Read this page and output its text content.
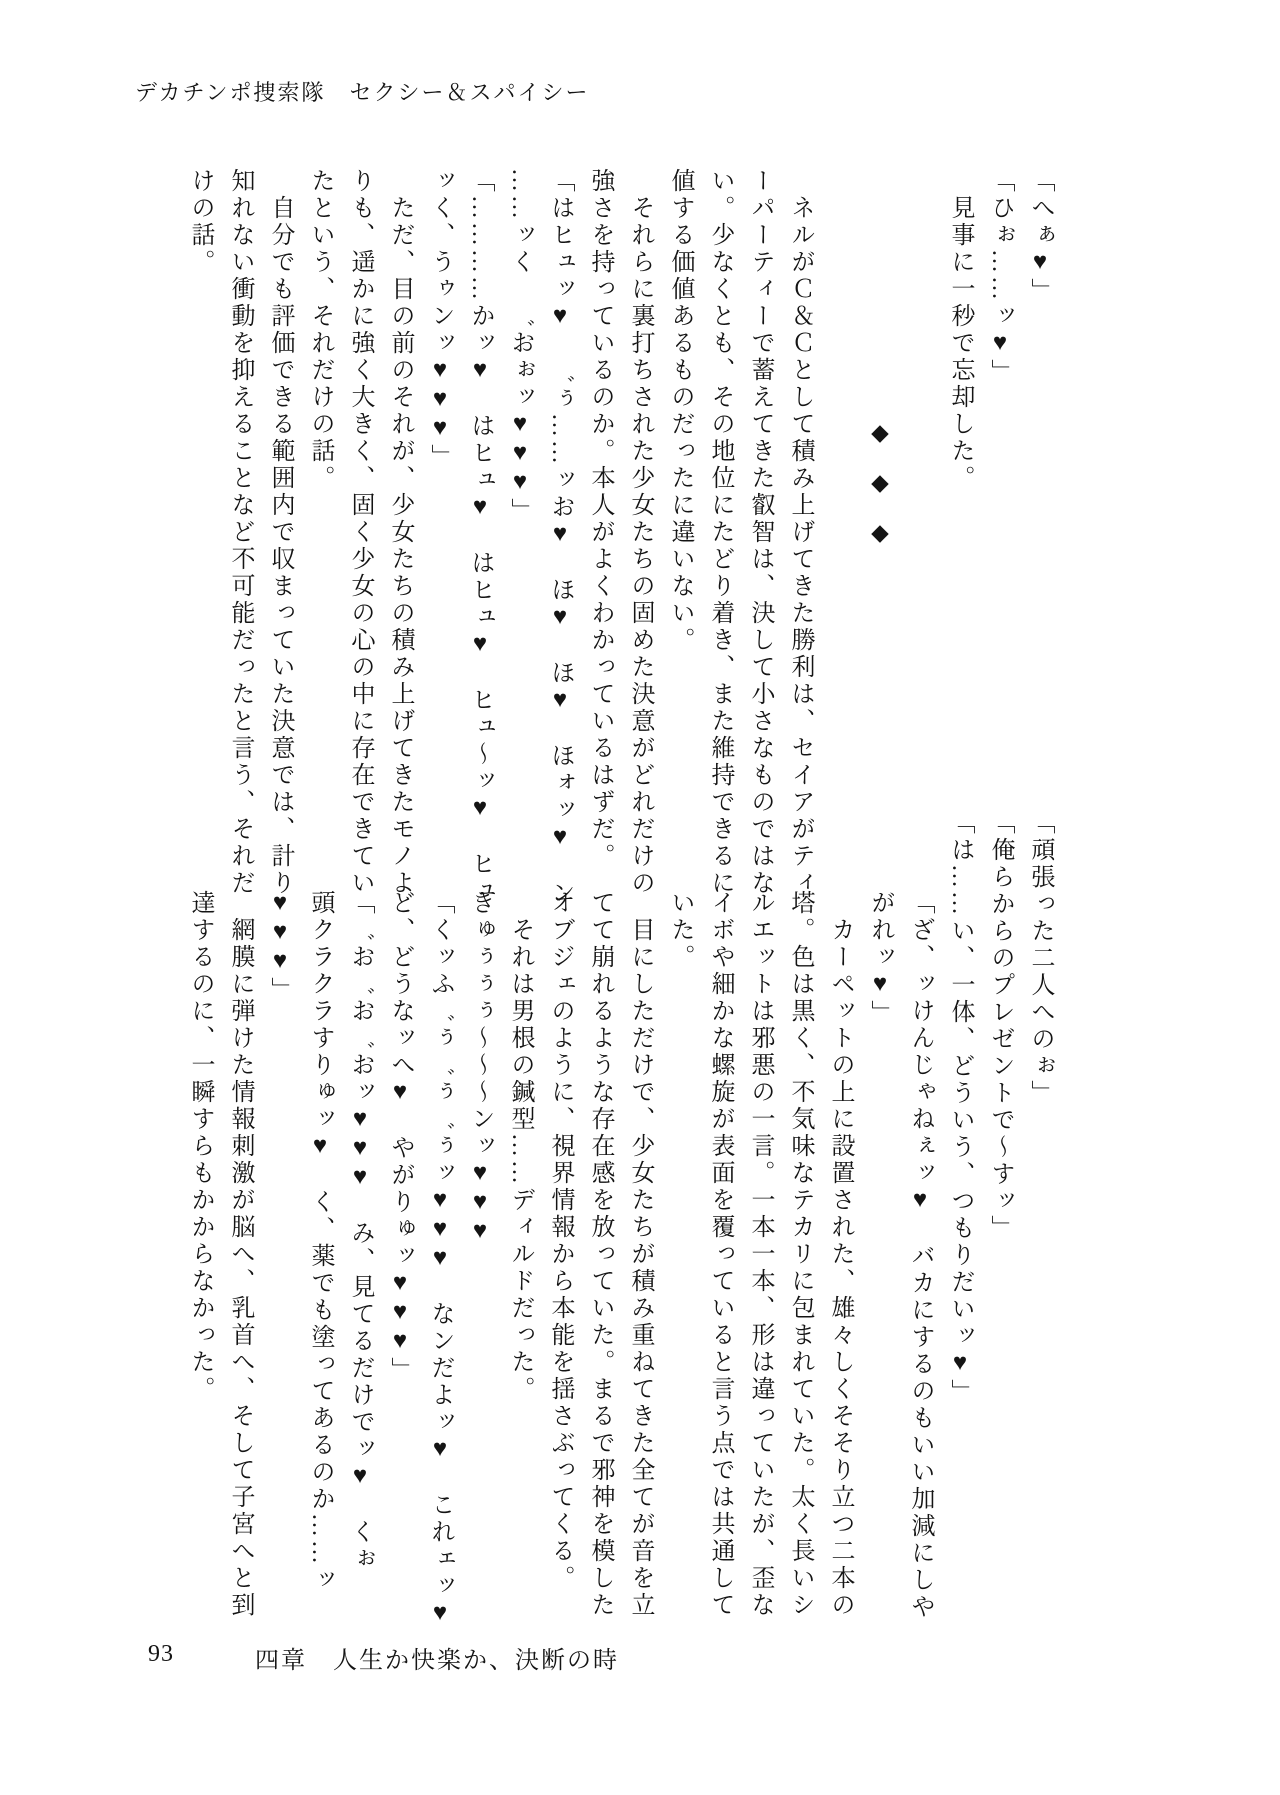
デカチンポ捜索隊　セクシー＆スパイシー

「へぁ♥」

「ひぉ……ッ♥」

見事に一秒で忘却した。

◆◆◆

ネルがＣ＆Ｃとして積み上げてきた勝利は、セイアがティ

ーパーティーで蓄えてきた叡智は、決して小さなものではな

い。少なくとも、その地位にたどり着き、また維持できるに

値する価値あるものだったに違いない。

それらに裏打ちされた少女たちの固めた決意がどれだけの

強さを持っているのか。本人がよくわかっているはずだ。

「はヒュッ♥　゛ぅ……ッお♥　ほ♥　ほ♥　ほォッ♥　ン

……ッく　゛おぉッ♥♥♥」

「…………かッ♥　はヒュ♥　はヒュ♥　ヒュ～ッ♥　ヒュ

ッく、うゥンッ♥♥♥」

ただ、目の前のそれが、少女たちの積み上げてきたモノよ

りも、遥かに強く大きく、固く少女の心の中に存在できてい

たという、それだけの話。

自分でも評価できる範囲内で収まっていた決意では、計り

知れない衝動を抑えることなど不可能だったと言う、それだ

けの話。

「頑張った二人へのぉ」

「俺らからのプレゼントで～すッ」

「は……い、一体、どういう、つもりだいッ♥」

「ざ、ッけんじゃねぇッ♥　バカにするのもいい加減にしや

がれッ♥」

カーペットの上に設置された、雄々しくそそり立つ二本の

塔。色は黒く、不気味なテカリに包まれていた。太く長いシ

ルエットは邪悪の一言。一本一本、形は違っていたが、歪な

イボや細かな螺旋が表面を覆っていると言う点では共通して

いた。

目にしただけで、少女たちが積み重ねてきた全てが音を立

てて崩れるような存在感を放っていた。まるで邪神を模した

オブジェのように、視界情報から本能を揺さぶってくる。

それは男根の鍼型……ディルドだった。

きゅぅぅぅ～～～ンッ♥♥♥

「くッふ゛ぅ゛ぅ゛ぅッ♥♥♥　なンだよッ♥　これェッ♥

ど、どうなッへ♥　やがりゅッ♥♥♥」

「゛お゛お゛おッ♥♥♥　み、見てるだけでッ♥　くぉ

頭クラクラすりゅッ♥　く、薬でも塗ってあるのか……ッ

♥♥♥」

網膜に弾けた情報刺激が脳へ、乳首へ、そして子宮へと到

達するのに、一瞬すらもかからなかった。

93	四章　人生か快楽か、決断の時
